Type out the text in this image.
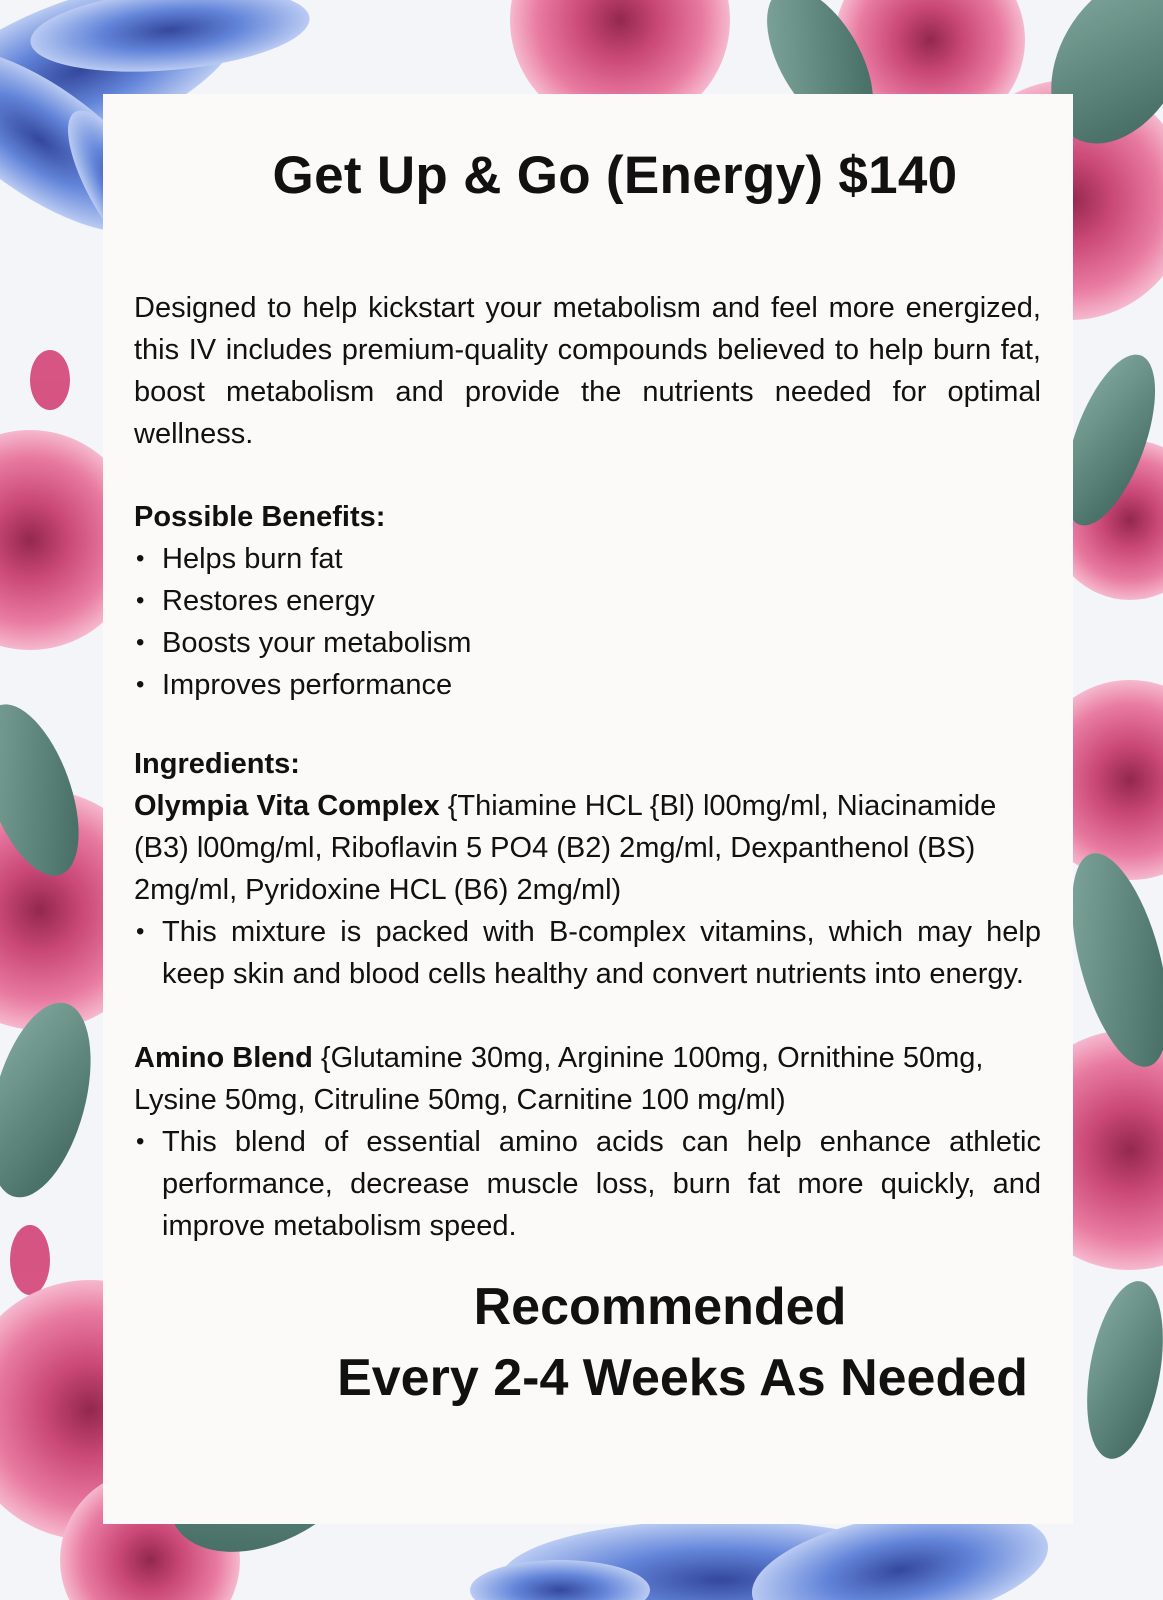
Get Up & Go (Energy) $140
Designed to help kickstart your metabolism and feel more energized, this IV includes premium-quality compounds believed to help burn fat, boost metabolism and provide the nutrients needed for optimal wellness.
Possible Benefits:
• Helps burn fat
• Restores energy
• Boosts your metabolism
• Improves performance
Ingredients:
Olympia Vita Complex {Thiamine HCL {Bl) l00mg/ml, Niacinamide (B3) l00mg/ml, Riboflavin 5 PO4 (B2) 2mg/ml, Dexpanthenol (BS) 2mg/ml, Pyridoxine HCL (B6) 2mg/ml)
• This mixture is packed with B-complex vitamins, which may help keep skin and blood cells healthy and convert nutrients into energy.
Amino Blend {Glutamine 30mg, Arginine 100mg, Ornithine 50mg, Lysine 50mg, Citruline 50mg, Carnitine 100 mg/ml)
• This blend of essential amino acids can help enhance athletic performance, decrease muscle loss, burn fat more quickly, and improve metabolism speed.
Recommended
Every 2-4 Weeks As Needed
